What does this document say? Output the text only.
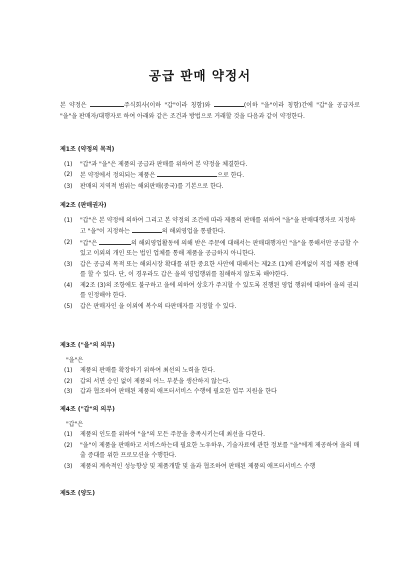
공급 판매 약정서
본 약정은	주식회사(이하 "갑"이라 칭함)와	(이하 "을"이라 칭함)간에 "갑"을 공급자로 "을"을 판매자/대행자로 하여 아래와 같은 조건과 방법으로 거래할 것을 다음과 같이 약정한다.
제1조 (약정의 목적)
(1) "갑"과 "을"은 제품의 공급과 판매를 위하여 본 약정을 체결한다.
(2) 본 약정에서 정의되는 제품은	으로 한다.
(3) 판매의 지역적 범위는 해외판매(중국)를 기본으로 한다.
제2조 (판매권자)
(1) "갑"은 본 약정에 의하여 그리고 본 약정의 조건에 따라 제품의 판매를 위하여 "을"을 판매대행자로 지정하고 "을"이 지정하는	의 해외영업을 통괄한다.
(2) "갑"은	의 해외영업활동에 의해 받은 주문에 대해서는 판매대행자인 "을"을 통해서만 공급할 수 있고 이외의 개인 또는 법인 업체를 통해 제품을 공급하지 아니한다.
(3) 갑은 공급의 목적 또는 해외시장 확대를 위한 중요한 사안에 대해서는 제2조 (1)에 관계없이 직접 제품 판매를 할 수 있다. 단, 이 경우라도 갑은 을의 영업행위를 침해하지 않도록 해야한다.
(4) 제2조 (3)의 조항에도 불구하고 을에 의하여 상호가 주지할 수 있도록 진행된 영업 행위에 대하여 을의 권리를 인정해야 한다.
(5) 갑은 판매자인 을 이외에 복수의 타판매자를 지정할 수 있다.
제3조 ("을"의 의무)
"을"은
(1) 제품의 판매를 확장하기 위하여 최선의 노력을 한다.
(2) 갑의 서면 승인 없이 제품의 어느 부분을 생산하지 않는다.
(3) 갑과 협조하여 판매된 제품의 애프터서비스 수행에 필요한 업무 지원을 한다
제4조 ("갑"의 의무)
"갑"은
(1) 제품의 인도를 위하여 "을"의 모든 주문을 충족시키는데 최선을 다한다.
(2) "을"이 제품을 판매하고 서비스하는데 필요한 노우하우, 기술자료에 관한 정보를 "을"에게 제공하여 을의 매출 증대를 위한 프로모션을 수행한다.
(3) 제품의 계속적인 성능향상 및 제품개발 및 을과 협조하여 판매된 제품의 애프터서비스 수행
제5조 (양도)
